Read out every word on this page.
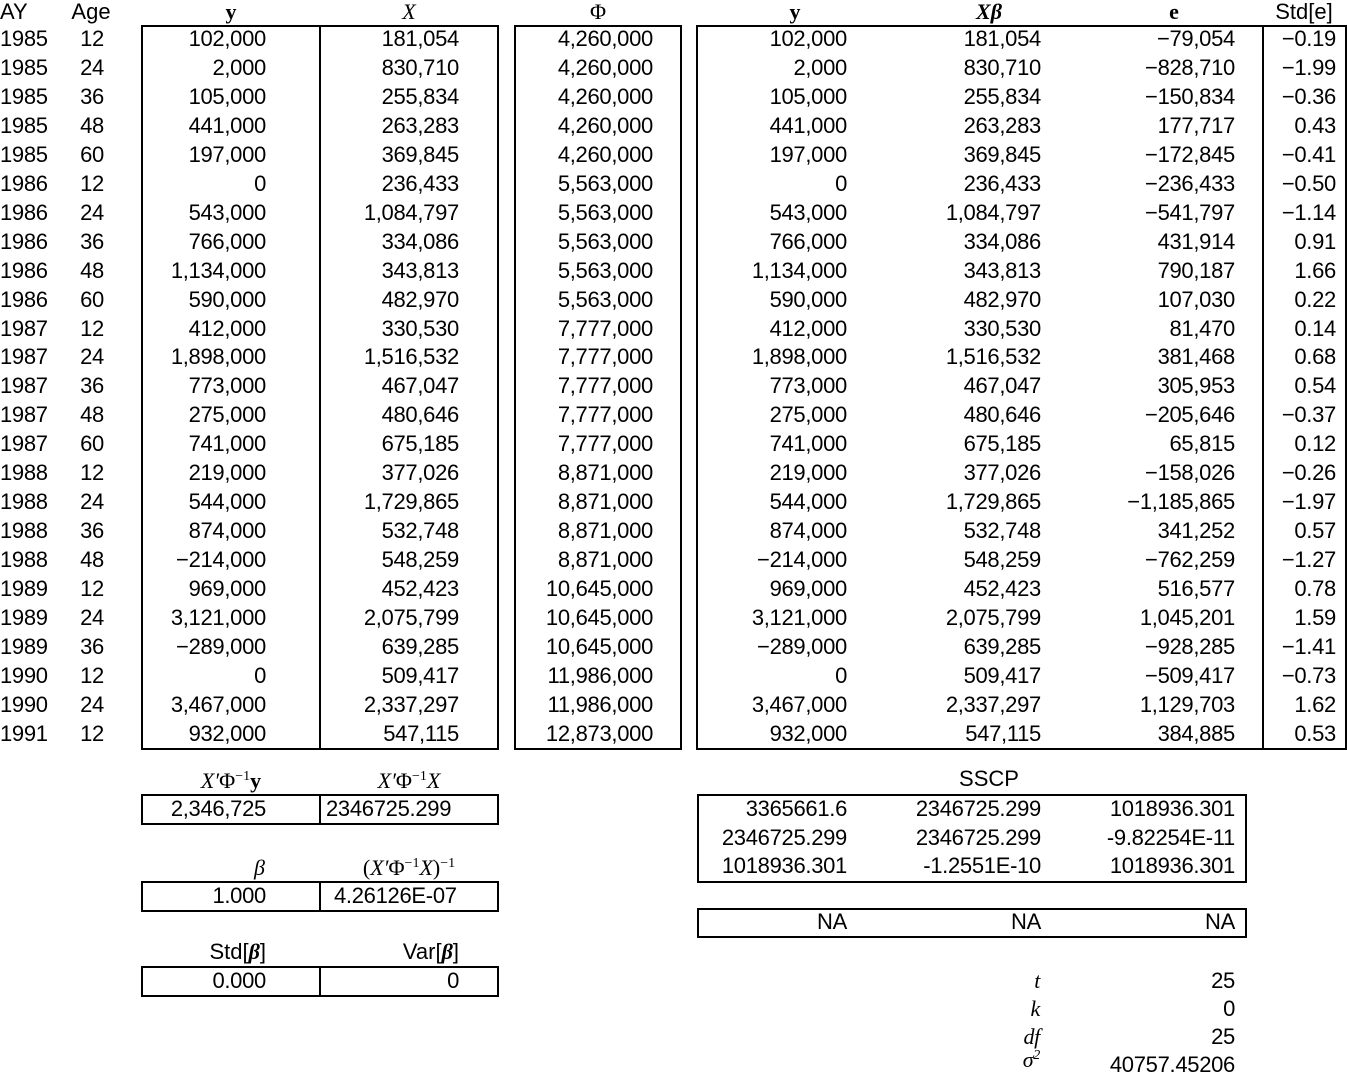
AY	Age	y	X	Φ	y	Xβ	e	Std[e]
1985	12	102,000	181,054	4,260,000	102,000	181,054	−79,054	−0.19
1985	24	2,000	830,710	4,260,000	2,000	830,710	−828,710	−1.99
1985	36	105,000	255,834	4,260,000	105,000	255,834	−150,834	−0.36
1985	48	441,000	263,283	4,260,000	441,000	263,283	177,717	0.43
1985	60	197,000	369,845	4,260,000	197,000	369,845	−172,845	−0.41
1986	12	0	236,433	5,563,000	0	236,433	−236,433	−0.50
1986	24	543,000	1,084,797	5,563,000	543,000	1,084,797	−541,797	−1.14
1986	36	766,000	334,086	5,563,000	766,000	334,086	431,914	0.91
1986	48	1,134,000	343,813	5,563,000	1,134,000	343,813	790,187	1.66
1986	60	590,000	482,970	5,563,000	590,000	482,970	107,030	0.22
1987	12	412,000	330,530	7,777,000	412,000	330,530	81,470	0.14
1987	24	1,898,000	1,516,532	7,777,000	1,898,000	1,516,532	381,468	0.68
1987	36	773,000	467,047	7,777,000	773,000	467,047	305,953	0.54
1987	48	275,000	480,646	7,777,000	275,000	480,646	−205,646	−0.37
1987	60	741,000	675,185	7,777,000	741,000	675,185	65,815	0.12
1988	12	219,000	377,026	8,871,000	219,000	377,026	−158,026	−0.26
1988	24	544,000	1,729,865	8,871,000	544,000	1,729,865	−1,185,865	−1.97
1988	36	874,000	532,748	8,871,000	874,000	532,748	341,252	0.57
1988	48	−214,000	548,259	8,871,000	−214,000	548,259	−762,259	−1.27
1989	12	969,000	452,423	10,645,000	969,000	452,423	516,577	0.78
1989	24	3,121,000	2,075,799	10,645,000	3,121,000	2,075,799	1,045,201	1.59
1989	36	−289,000	639,285	10,645,000	−289,000	639,285	−928,285	−1.41
1990	12	0	509,417	11,986,000	0	509,417	−509,417	−0.73
1990	24	3,467,000	2,337,297	11,986,000	3,467,000	2,337,297	1,129,703	1.62
1991	12	932,000	547,115	12,873,000	932,000	547,115	384,885	0.53
$X'\Phi^{-1}y$	$X'\Phi^{-1}X$
2,346,725	2346725.299
β	$(X'\Phi^{-1}X)^{-1}$
1.000	4.26126E-07
Std[β]	Var[β]
0.000	0
SSCP
3365661.6	2346725.299	1018936.301
2346725.299	2346725.299	-9.82254E-11
1018936.301	-1.2551E-10	1018936.301
NA	NA	NA
t	25
k	0
df	25
$\sigma^2$	40757.45206
